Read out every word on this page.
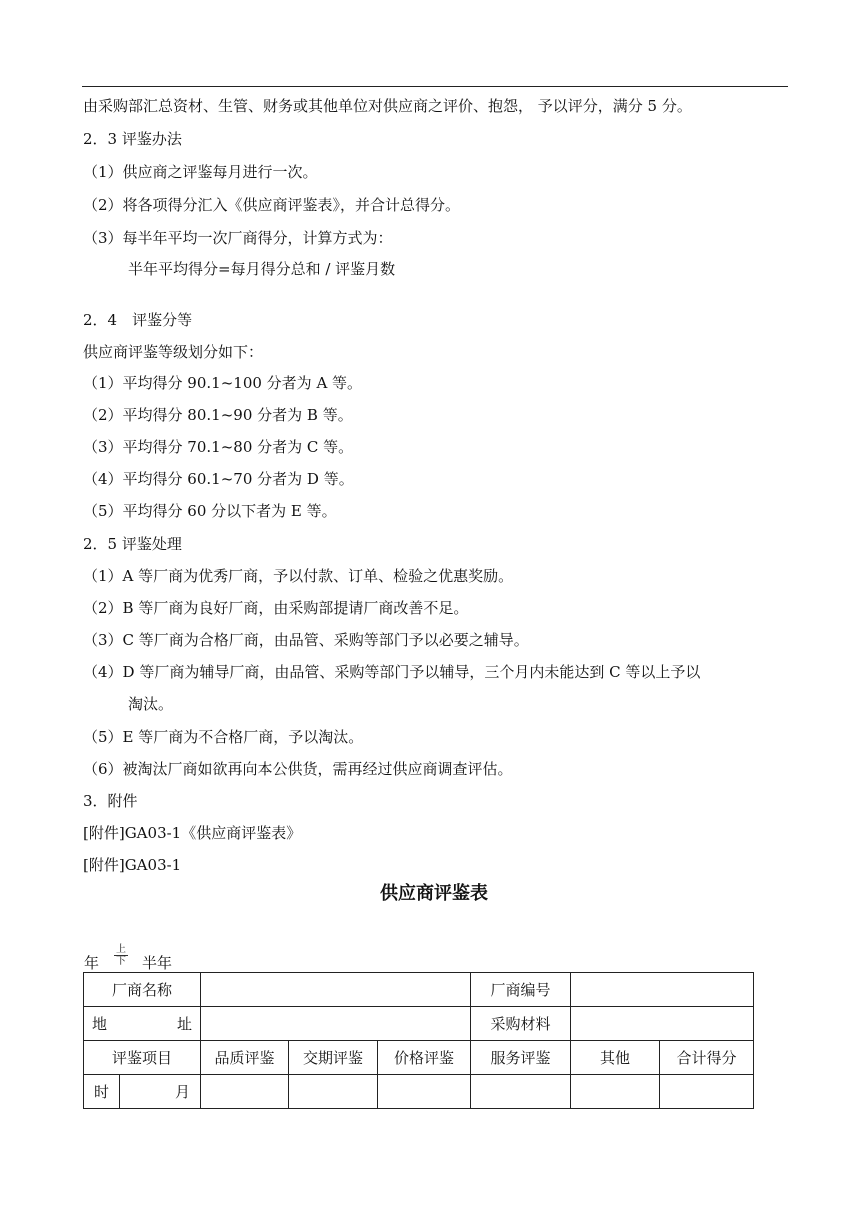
由采购部汇总资材、生管、财务或其他单位对供应商之评价、抱怨， 予以评分，满分 5 分。
2．3 评鉴办法
（1）供应商之评鉴每月进行一次。
（2）将各项得分汇入《供应商评鉴表》，并合计总得分。
（3）每半年平均一次厂商得分，计算方式为：
半年平均得分=每月得分总和 / 评鉴月数
2．4　评鉴分等
供应商评鉴等级划分如下：
（1）平均得分 90.1~100 分者为 A 等。
（2）平均得分 80.1~90 分者为 B 等。
（3）平均得分 70.1~80 分者为 C 等。
（4）平均得分 60.1~70 分者为 D 等。
（5）平均得分 60 分以下者为 E 等。
2．5 评鉴处理
（1）A 等厂商为优秀厂商，予以付款、订单、检验之优惠奖励。
（2）B 等厂商为良好厂商，由采购部提请厂商改善不足。
（3）C 等厂商为合格厂商，由品管、采购等部门予以必要之辅导。
（4）D 等厂商为辅导厂商，由品管、采购等部门予以辅导，三个月内未能达到 C 等以上予以
淘汰。
（5）E 等厂商为不合格厂商，予以淘汰。
（6）被淘汰厂商如欲再向本公供货，需再经过供应商调查评估。
3．附件
[附件]GA03-1《供应商评鉴表》
[附件]GA03-1
供应商评鉴表
年
上
下 半年
厂商名称					厂商编号		

地 址					采购材料		
评鉴项目		品质评鉴	交期评鉴	价格评鉴	服务评鉴	其他	合计得分
时	月						
